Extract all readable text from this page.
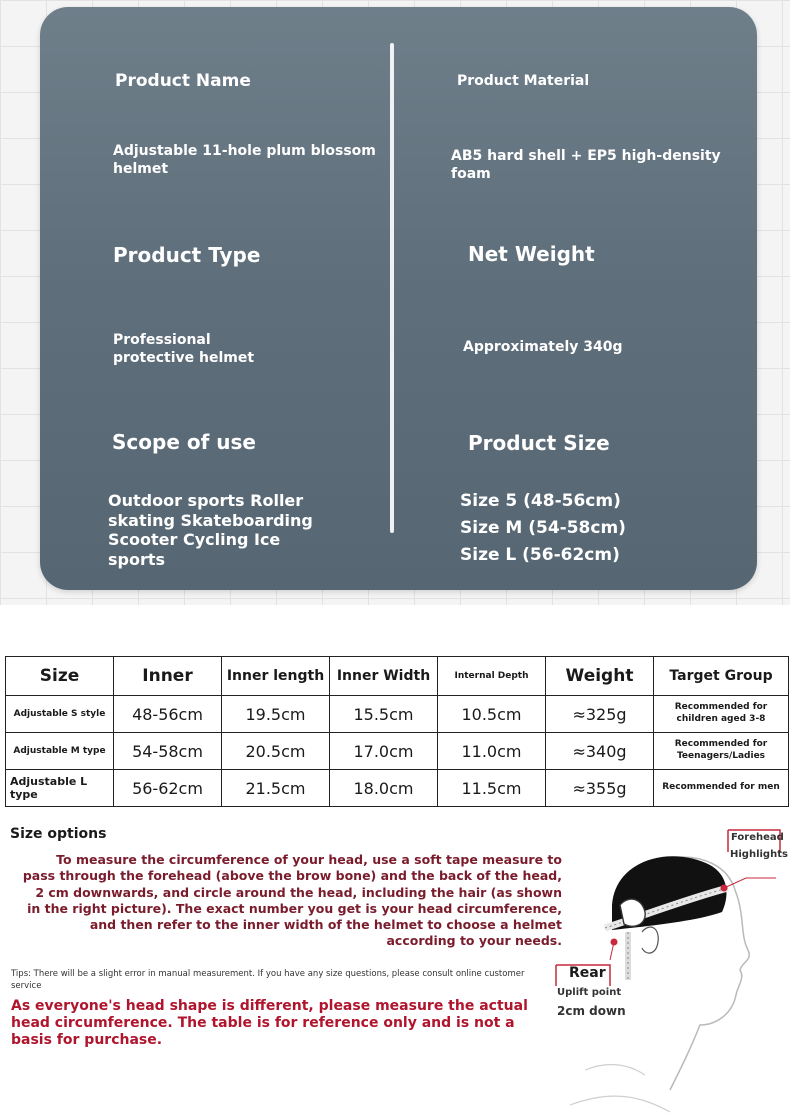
Product Name
Adjustable 11-hole plum blossom helmet
Product Material
AB5 hard shell + EP5 high-density foam
Product Type
Professional protective helmet
Net Weight
Approximately 340g
Scope of use
Outdoor sports Roller skating Skateboarding Scooter Cycling Ice sports
Product Size
Size 5 (48-56cm)
Size M (54-58cm)
Size L (56-62cm)
Size	Inner	Inner length	Inner Width	Internal Depth	Weight	Target Group
Adjustable S style	48-56cm	19.5cm	15.5cm	10.5cm	≈325g	Recommended for children aged 3-8
Adjustable M type	54-58cm	20.5cm	17.0cm	11.0cm	≈340g	Recommended for Teenagers/Ladies
Adjustable L type	56-62cm	21.5cm	18.0cm	11.5cm	≈355g	Recommended for men
Size options
To measure the circumference of your head, use a soft tape measure to pass through the forehead (above the brow bone) and the back of the head, 2 cm downwards, and circle around the head, including the hair (as shown in the right picture). The exact number you get is your head circumference, and then refer to the inner width of the helmet to choose a helmet according to your needs.
Tips: There will be a slight error in manual measurement. If you have any size questions, please consult online customer service
As everyone's head shape is different, please measure the actual head circumference. The table is for reference only and is not a basis for purchase.
Forehead
Highlights
Rear
Uplift point
2cm down
